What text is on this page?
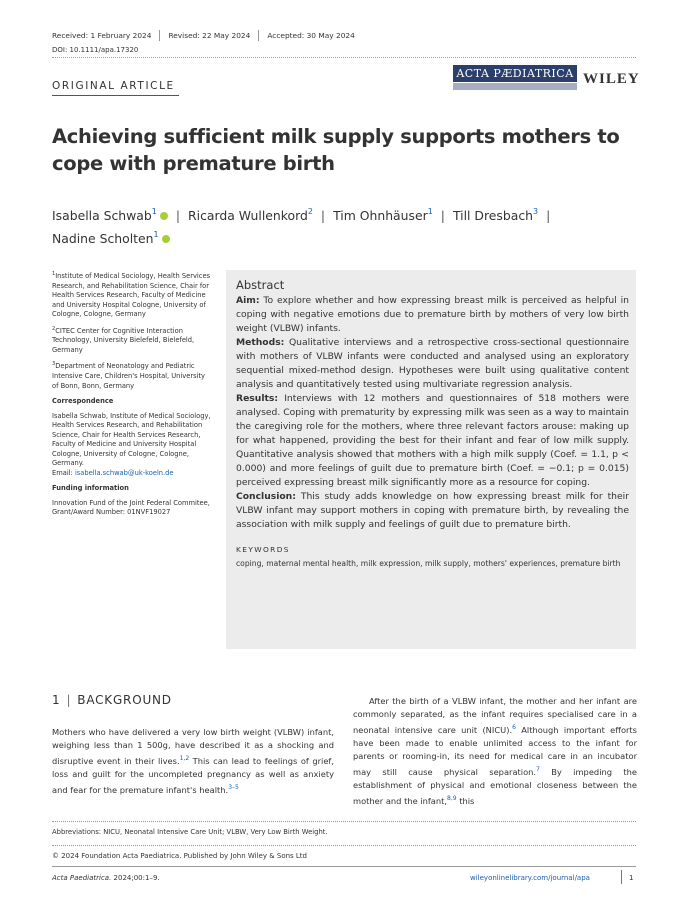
Received: 1 February 2024 Revised: 22 May 2024 Accepted: 30 May 2024
DOI: 10.1111/apa.17320
ORIGINAL ARTICLE
ACTA PÆDIATRICA WILEY
Achieving sufficient milk supply supports mothers to cope with premature birth
Isabella Schwab$^1$ | Ricarda Wullenkord$^2$ | Tim Ohnhäuser$^1$ | Till Dresbach$^3$ |
Nadine Scholten$^1$

$^1$Institute of Medical Sociology, Health Services Research, and Rehabilitation Science, Chair for Health Services Research, Faculty of Medicine and University Hospital Cologne, University of Cologne, Cologne, Germany

$^2$CITEC Center for Cognitive Interaction Technology, University Bielefeld, Bielefeld, Germany

$^3$Department of Neonatology and Pediatric Intensive Care, Children's Hospital, University of Bonn, Bonn, Germany

Correspondence

Isabella Schwab, Institute of Medical Sociology, Health Services Research, and Rehabilitation Science, Chair for Health Services Research, Faculty of Medicine and University Hospital Cologne, University of Cologne, Cologne, Germany.
Email: isabella.schwab@uk-koeln.de

Funding information

Innovation Fund of the Joint Federal Commitee, Grant/Award Number: 01NVF19027

Abstract

Aim: To explore whether and how expressing breast milk is perceived as helpful in coping with negative emotions due to premature birth by mothers of very low birth weight (VLBW) infants.

Methods: Qualitative interviews and a retrospective cross-sectional questionnaire with mothers of VLBW infants were conducted and analysed using an exploratory sequential mixed-method design. Hypotheses were built using qualitative content analysis and quantitatively tested using multivariate regression analysis.

Results: Interviews with 12 mothers and questionnaires of 518 mothers were analysed. Coping with prematurity by expressing milk was seen as a way to maintain the caregiving role for the mothers, where three relevant factors arouse: making up for what happened, providing the best for their infant and fear of low milk supply. Quantitative analysis showed that mothers with a high milk supply (Coef. = 1.1, p < 0.000) and more feelings of guilt due to premature birth (Coef. = −0.1; p = 0.015) perceived expressing breast milk significantly more as a resource for coping.

Conclusion: This study adds knowledge on how expressing breast milk for their VLBW infant may support mothers in coping with premature birth, by revealing the association with milk supply and feelings of guilt due to premature birth.

KEYWORDS
coping, maternal mental health, milk expression, milk supply, mothers' experiences, premature birth
1 | BACKGROUND

Mothers who have delivered a very low birth weight (VLBW) infant, weighing less than 1 500g, have described it as a shocking and disruptive event in their lives.$^{1,2}$ This can lead to feelings of grief, loss and guilt for the uncompleted pregnancy as well as anxiety and fear for the premature infant's health.$^{3-5}$

After the birth of a VLBW infant, the mother and her infant are commonly separated, as the infant requires specialised care in a neonatal intensive care unit (NICU).$^6$ Although important efforts have been made to enable unlimited access to the infant for parents or rooming-in, its need for medical care in an incubator may still cause physical separation.$^7$ By impeding the establishment of physical and emotional closeness between the mother and the infant,$^{8,9}$ this

Abbreviations: NICU, Neonatal Intensive Care Unit; VLBW, Very Low Birth Weight.
© 2024 Foundation Acta Paediatrica. Published by John Wiley & Sons Ltd
Acta Paediatrica. 2024;00:1–9.	wileyonlinelibrary.com/journal/apa	1
